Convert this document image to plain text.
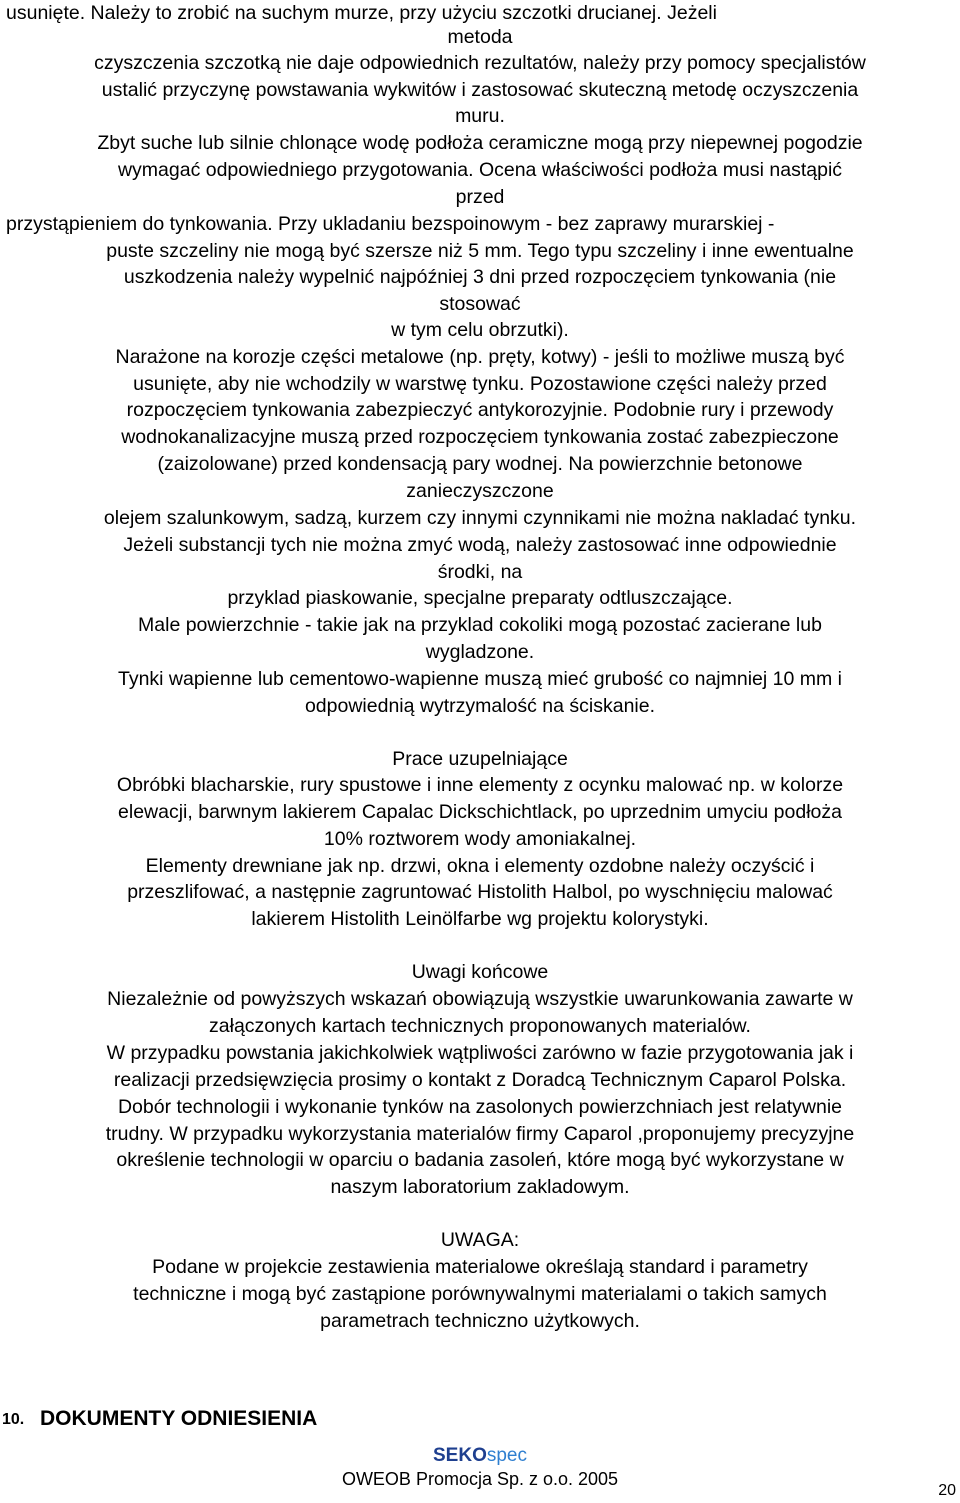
usunięte. Należy to zrobić na suchym murze, przy użyciu szczotki drucianej. Jeżeli
metoda
czyszczenia szczotką nie daje odpowiednich rezultatów, należy przy pomocy specjalistów
ustalić przyczynę powstawania wykwitów i zastosować skuteczną metodę oczyszczenia
muru.
Zbyt suche lub silnie chlonące wodę podłoża ceramiczne mogą przy niepewnej pogodzie
wymagać odpowiedniego przygotowania. Ocena właściwości podłoża musi nastąpić
przed
przystąpieniem do tynkowania. Przy ukladaniu bezspoinowym - bez zaprawy murarskiej -
puste szczeliny nie mogą być szersze niż 5 mm. Tego typu szczeliny i inne ewentualne
uszkodzenia należy wypelnić najpóźniej 3 dni przed rozpoczęciem tynkowania (nie
stosować
w tym celu obrzutki).
Narażone na korozje części metalowe (np. pręty, kotwy) - jeśli to możliwe muszą być
usunięte, aby nie wchodzily w warstwę tynku. Pozostawione części należy przed
rozpoczęciem tynkowania zabezpieczyć antykorozyjnie. Podobnie rury i przewody
wodnokanalizacyjne muszą przed rozpoczęciem tynkowania zostać zabezpieczone
(zaizolowane) przed kondensacją pary wodnej. Na powierzchnie betonowe
zanieczyszczone
olejem szalunkowym, sadzą, kurzem czy innymi czynnikami nie można nakladać tynku.
Jeżeli substancji tych nie można zmyć wodą, należy zastosować inne odpowiednie
środki, na
przyklad piaskowanie, specjalne preparaty odtluszczające.
Male powierzchnie - takie jak na przyklad cokoliki mogą pozostać zacierane lub
wygladzone.
Tynki wapienne lub cementowo-wapienne muszą mieć grubość co najmniej 10 mm i
odpowiednią wytrzymalość na ściskanie.
Prace uzupelniające
Obróbki blacharskie, rury spustowe i inne elementy z ocynku malować np. w kolorze
elewacji, barwnym lakierem Capalac Dickschichtlack, po uprzednim umyciu podłoża
10% roztworem wody amoniakalnej.
Elementy drewniane jak np. drzwi, okna i elementy ozdobne należy oczyścić i
przeszlifować, a następnie zagruntować Histolith Halbol, po wyschnięciu malować
lakierem Histolith Leinölfarbe wg projektu kolorystyki.
Uwagi końcowe
Niezależnie od powyższych wskazań obowiązują wszystkie uwarunkowania zawarte w
załączonych kartach technicznych proponowanych materialów.
W przypadku powstania jakichkolwiek wątpliwości zarówno w fazie przygotowania jak i
realizacji przedsięwzięcia prosimy o kontakt z Doradcą Technicznym Caparol Polska.
Dobór technologii i wykonanie tynków na zasolonych powierzchniach jest relatywnie
trudny. W przypadku wykorzystania materialów firmy Caparol ,proponujemy precyzyjne
określenie technologii w oparciu o badania zasoleń, które mogą być wykorzystane w
naszym laboratorium zakladowym.
UWAGA:
Podane w projekcie zestawienia materialowe określają standard i parametry
techniczne i mogą być zastąpione porównywalnymi materialami o takich samych
parametrach techniczno użytkowych.
10. DOKUMENTY ODNIESIENIA
SEKOspec
OWEOB Promocja Sp. z o.o. 2005
20
